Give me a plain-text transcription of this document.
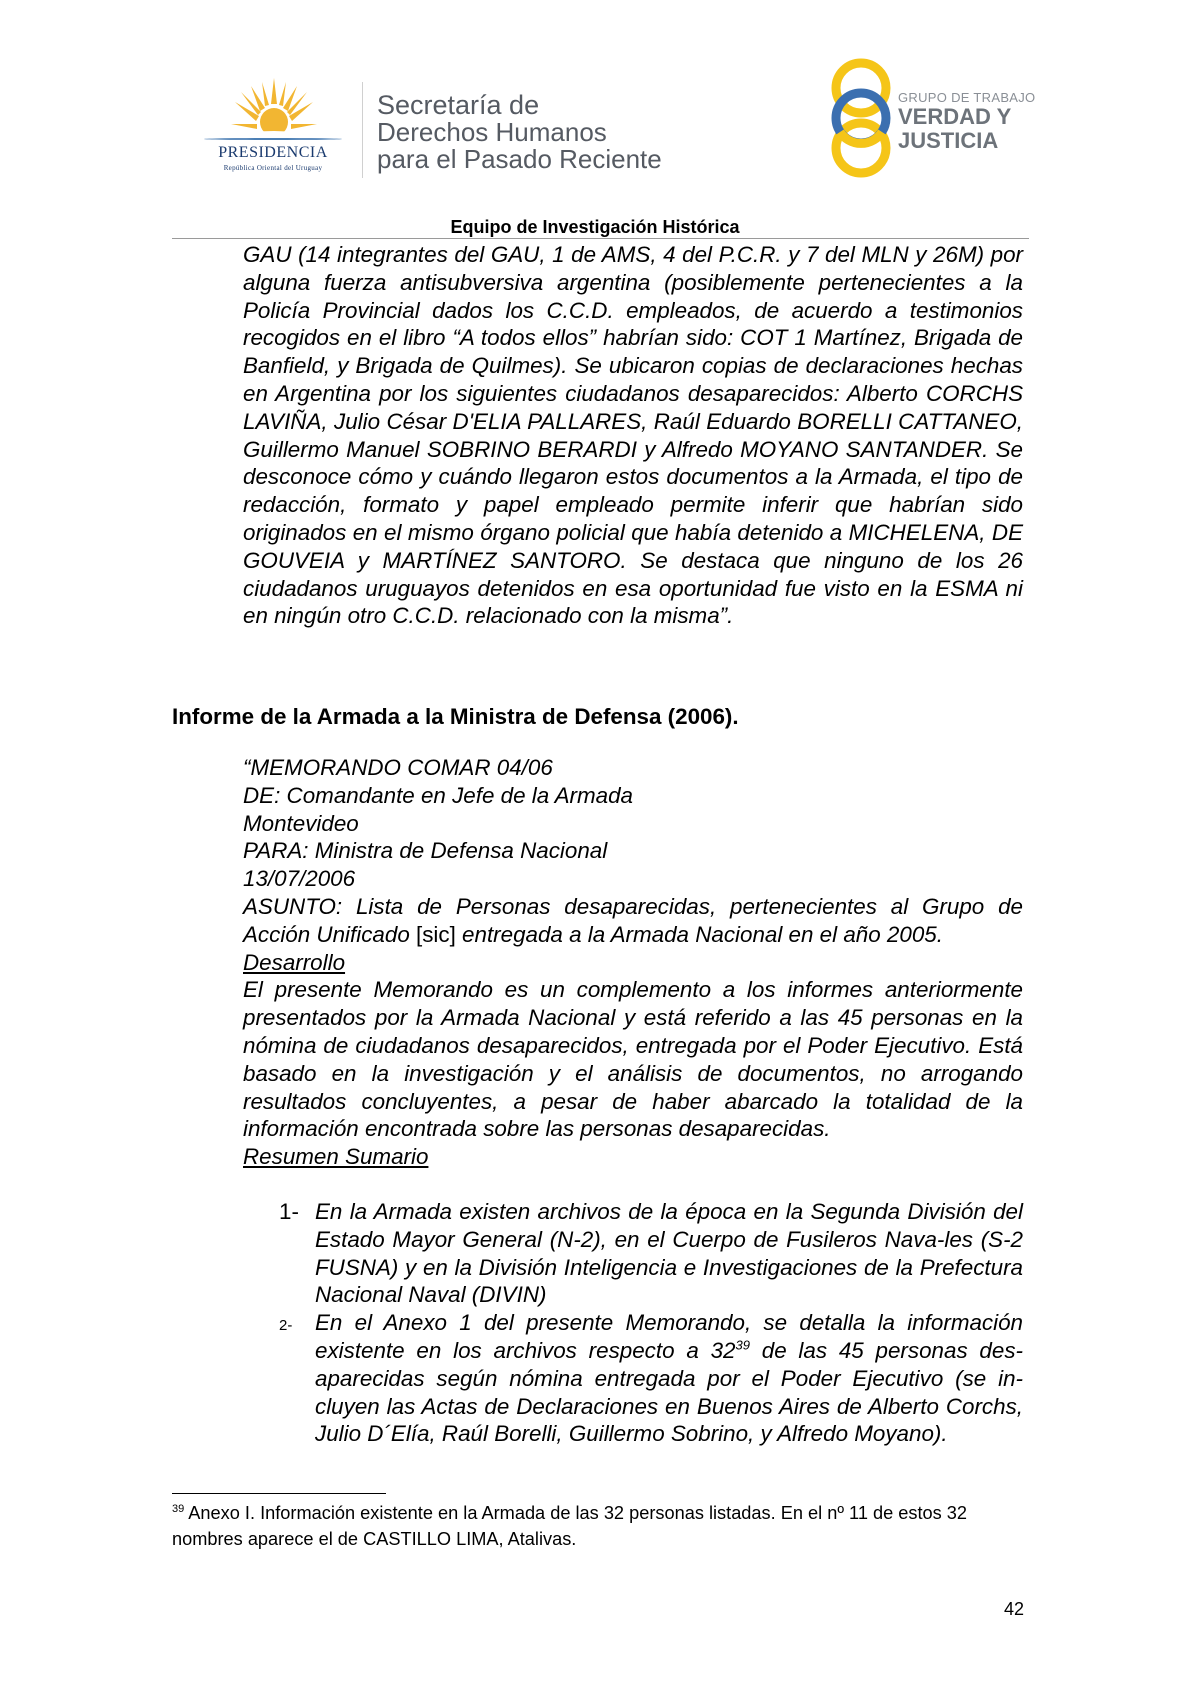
PRESIDENCIA
República Oriental del Uruguay
Secretaría de
Derechos Humanos
para el Pasado Reciente
GRUPO DE TRABAJO
VERDAD Y
JUSTICIA
Equipo de Investigación Histórica
GAU (14 integrantes del GAU, 1 de AMS, 4 del P.C.R. y 7 del MLN y 26M) por alguna fuerza antisubversiva argentina (posiblemente pertenecientes a la Policía Provincial dados los C.C.D. empleados, de acuerdo a testimonios recogidos en el libro “A todos ellos” habrían sido: COT 1 Martínez, Brigada de Banfield, y Brigada de Quilmes). Se ubicaron copias de declaraciones hechas en Argentina por los siguientes ciudadanos desaparecidos: Alberto CORCHS LAVIÑA, Julio César D'ELIA PALLARES, Raúl Eduardo BORELLI CATTANEO, Guillermo Manuel SOBRINO BERARDI y Alfredo MOYANO SANTANDER. Se desconoce cómo y cuándo llegaron estos documentos a la Armada, el tipo de redacción, formato y papel empleado permite inferir que habrían sido originados en el mismo órgano policial que había detenido a MICHELENA, DE GOUVEIA y MARTÍNEZ SANTORO. Se destaca que ninguno de los 26 ciudadanos uruguayos detenidos en esa oportunidad fue visto en la ESMA ni en ningún otro C.C.D. relacionado con la misma”.
Informe de la Armada a la Ministra de Defensa (2006).
“MEMORANDO COMAR 04/06
DE: Comandante en Jefe de la Armada
Montevideo
PARA: Ministra de Defensa Nacional
13/07/2006
ASUNTO: Lista de Personas desaparecidas, pertenecientes al Grupo de Acción Unificado [sic] entregada a la Armada Nacional en el año 2005.
Desarrollo
El presente Memorando es un complemento a los informes anteriormente presentados por la Armada Nacional y está referido a las 45 personas en la nómina de ciudadanos desaparecidos, entregada por el Poder Ejecutivo. Está basado en la investigación y el análisis de documentos, no arrogando resultados concluyentes, a pesar de haber abarcado la totalidad de la información encontrada sobre las personas desaparecidas.
Resumen Sumario
1- En la Armada existen archivos de la época en la Segunda División del Estado Mayor General (N-2), en el Cuerpo de Fusileros Nava-les (S-2 FUSNA) y en la División Inteligencia e Investigaciones de la Prefectura Nacional Naval (DIVIN)
2- En el Anexo 1 del presente Memorando, se detalla la información existente en los archivos respecto a 32$^{39}$ de las 45 personas des-aparecidas según nómina entregada por el Poder Ejecutivo (se in-cluyen las Actas de Declaraciones en Buenos Aires de Alberto Corchs, Julio D´Elía, Raúl Borelli, Guillermo Sobrino, y Alfredo Moyano).
$^{39}$ Anexo I. Información existente en la Armada de las 32 personas listadas. En el nº 11 de estos 32 nombres aparece el de CASTILLO LIMA, Atalivas.
42
